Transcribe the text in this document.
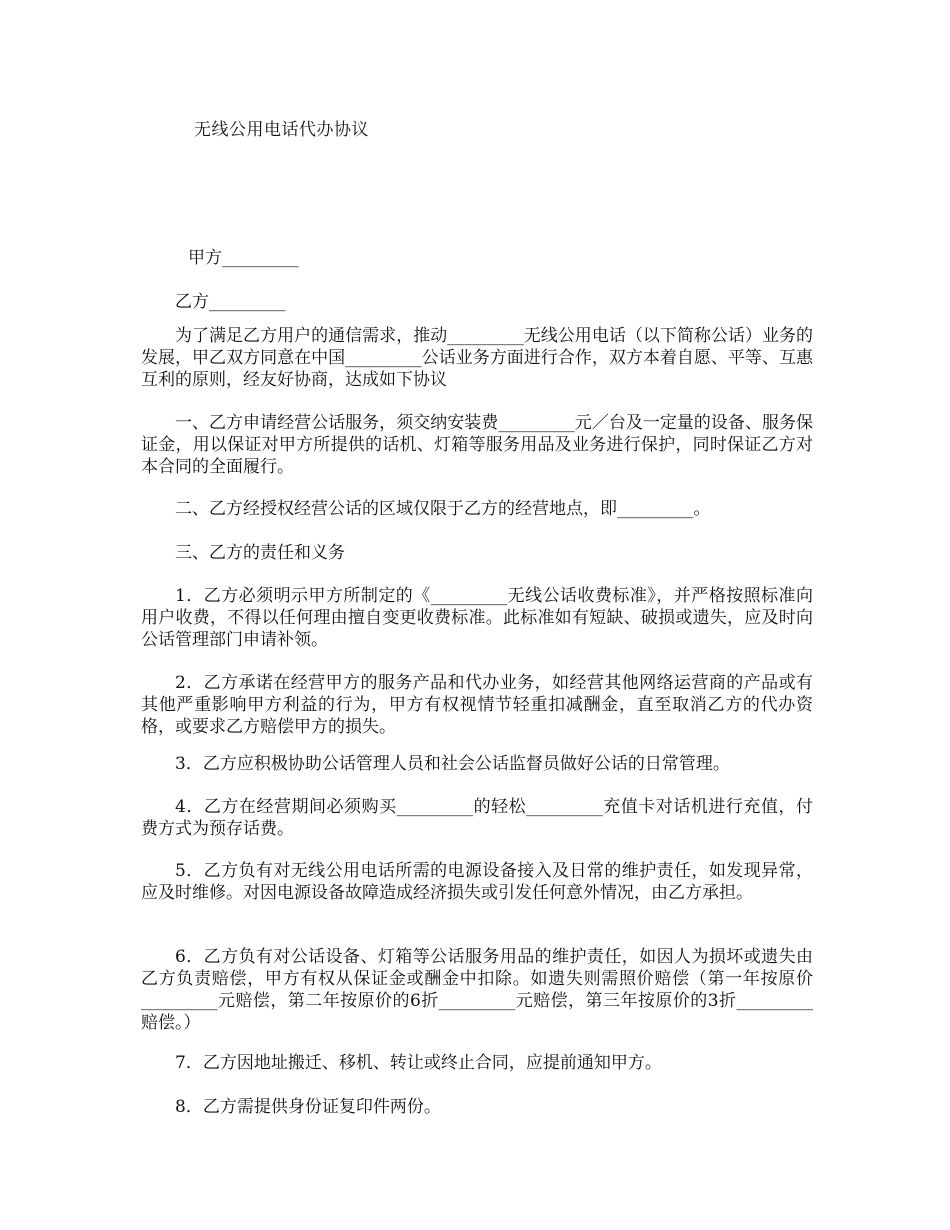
无线公用电话代办协议
甲方_________
乙方_________

为了满足乙方用户的通信需求，推动_________无线公用电话（以下简称公话）业务的发展，甲乙双方同意在中国_________公话业务方面进行合作，双方本着自愿、平等、互惠互利的原则，经友好协商，达成如下协议

一、乙方申请经营公话服务，须交纳安装费_________元／台及一定量的设备、服务保证金，用以保证对甲方所提供的话机、灯箱等服务用品及业务进行保护，同时保证乙方对本合同的全面履行。

二、乙方经授权经营公话的区域仅限于乙方的经营地点，即_________。

三、乙方的责任和义务

1．乙方必须明示甲方所制定的《_________无线公话收费标准》，并严格按照标准向用户收费，不得以任何理由擅自变更收费标准。此标准如有短缺、破损或遗失，应及时向公话管理部门申请补领。

2．乙方承诺在经营甲方的服务产品和代办业务，如经营其他网络运营商的产品或有其他严重影响甲方利益的行为，甲方有权视情节轻重扣减酬金，直至取消乙方的代办资格，或要求乙方赔偿甲方的损失。

3．乙方应积极协助公话管理人员和社会公话监督员做好公话的日常管理。

4．乙方在经营期间必须购买_________的轻松_________充值卡对话机进行充值，付费方式为预存话费。

5．乙方负有对无线公用电话所需的电源设备接入及日常的维护责任，如发现异常，应及时维修。对因电源设备故障造成经济损失或引发任何意外情况，由乙方承担。

6．乙方负有对公话设备、灯箱等公话服务用品的维护责任，如因人为损坏或遗失由乙方负责赔偿，甲方有权从保证金或酬金中扣除。如遗失则需照价赔偿（第一年按原价_________元赔偿，第二年按原价的6折_________元赔偿，第三年按原价的3折_________赔偿。）

7．乙方因地址搬迁、移机、转让或终止合同，应提前通知甲方。

8．乙方需提供身份证复印件两份。
